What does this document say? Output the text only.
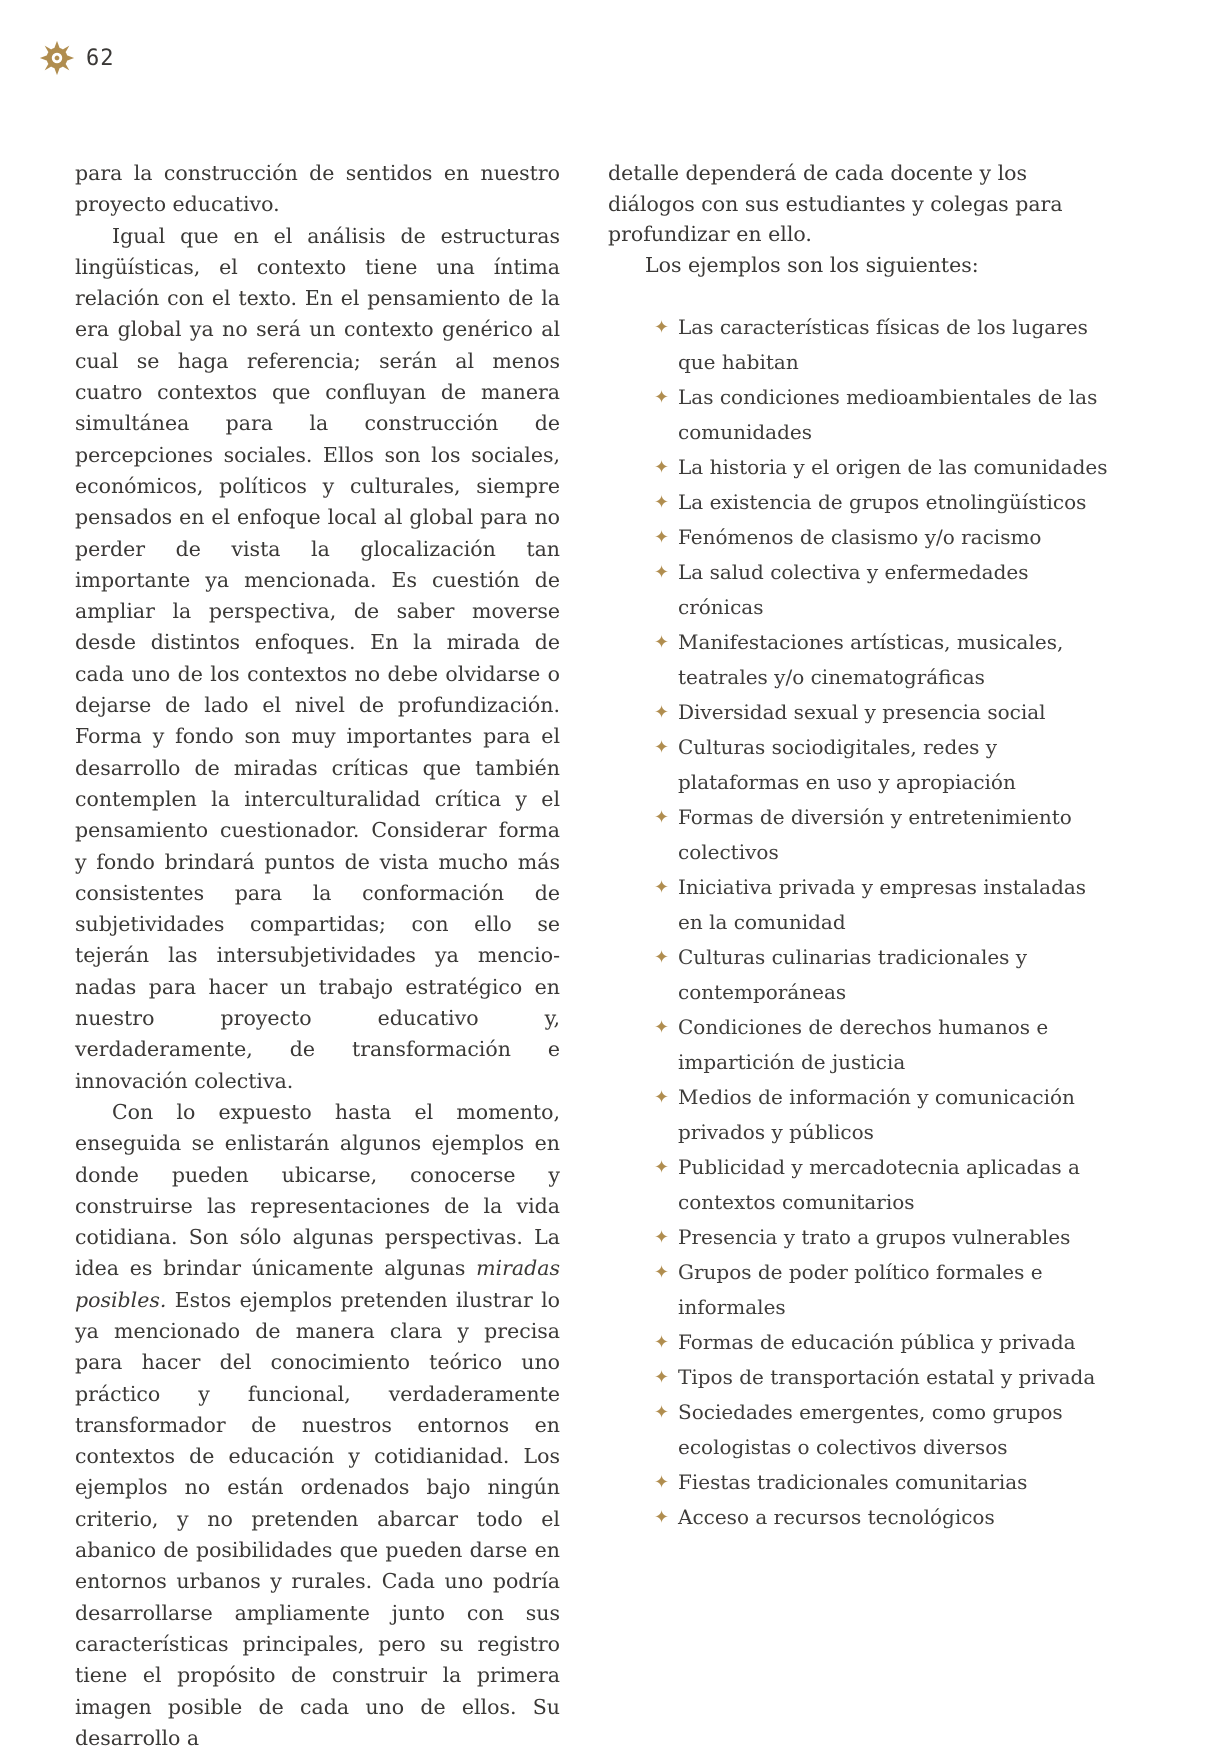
62

para la construcción de sentidos en nuestro proyecto educativo.

Igual que en el análisis de estructuras lingüísticas, el contexto tiene una íntima relación con el texto. En el pensamiento de la era global ya no será un contexto genérico al cual se haga referencia; serán al menos cuatro contextos que confluyan de manera simultánea para la construcción de percepciones sociales. Ellos son los sociales, económicos, políticos y culturales, siempre pensados en el enfoque local al global para no perder de vista la glocalización tan importante ya mencionada. Es cuestión de ampliar la perspectiva, de saber moverse desde distintos enfoques. En la mirada de cada uno de los contextos no debe olvidarse o dejarse de lado el nivel de profundización. Forma y fondo son muy importantes para el desarrollo de miradas críticas que también contemplen la interculturalidad crítica y el pensamiento cuestionador. Considerar forma y fondo brindará puntos de vista mucho más consistentes para la conformación de subjetividades compartidas; con ello se tejerán las intersubjetividades ya mencionadas para hacer un trabajo estratégico en nuestro proyecto educativo y, verdaderamente, de transformación e innovación colectiva.

Con lo expuesto hasta el momento, enseguida se enlistarán algunos ejemplos en donde pueden ubicarse, conocerse y construirse las representaciones de la vida cotidiana. Son sólo algunas perspectivas. La idea es brindar únicamente algunas miradas posibles. Estos ejemplos pretenden ilustrar lo ya mencionado de manera clara y precisa para hacer del conocimiento teórico uno práctico y funcional, verdaderamente transformador de nuestros entornos en contextos de educación y cotidianidad. Los ejemplos no están ordenados bajo ningún criterio, y no pretenden abarcar todo el abanico de posibilidades que pueden darse en entornos urbanos y rurales. Cada uno podría desarrollarse ampliamente junto con sus características principales, pero su registro tiene el propósito de construir la primera imagen posible de cada uno de ellos. Su desarrollo a

detalle dependerá de cada docente y los diálogos con sus estudiantes y colegas para profundizar en ello.

Los ejemplos son los siguientes:

✦ Las características físicas de los lugares que habitan
✦ Las condiciones medioambientales de las comunidades
✦ La historia y el origen de las comunidades
✦ La existencia de grupos etnolingüísticos
✦ Fenómenos de clasismo y/o racismo
✦ La salud colectiva y enfermedades crónicas
✦ Manifestaciones artísticas, musicales, teatrales y/o cinematográficas
✦ Diversidad sexual y presencia social
✦ Culturas sociodigitales, redes y plataformas en uso y apropiación
✦ Formas de diversión y entretenimiento colectivos
✦ Iniciativa privada y empresas instaladas en la comunidad
✦ Culturas culinarias tradicionales y contemporáneas
✦ Condiciones de derechos humanos e impartición de justicia
✦ Medios de información y comunicación privados y públicos
✦ Publicidad y mercadotecnia aplicadas a contextos comunitarios
✦ Presencia y trato a grupos vulnerables
✦ Grupos de poder político formales e informales
✦ Formas de educación pública y privada
✦ Tipos de transportación estatal y privada
✦ Sociedades emergentes, como grupos ecologistas o colectivos diversos
✦ Fiestas tradicionales comunitarias
✦ Acceso a recursos tecnológicos
